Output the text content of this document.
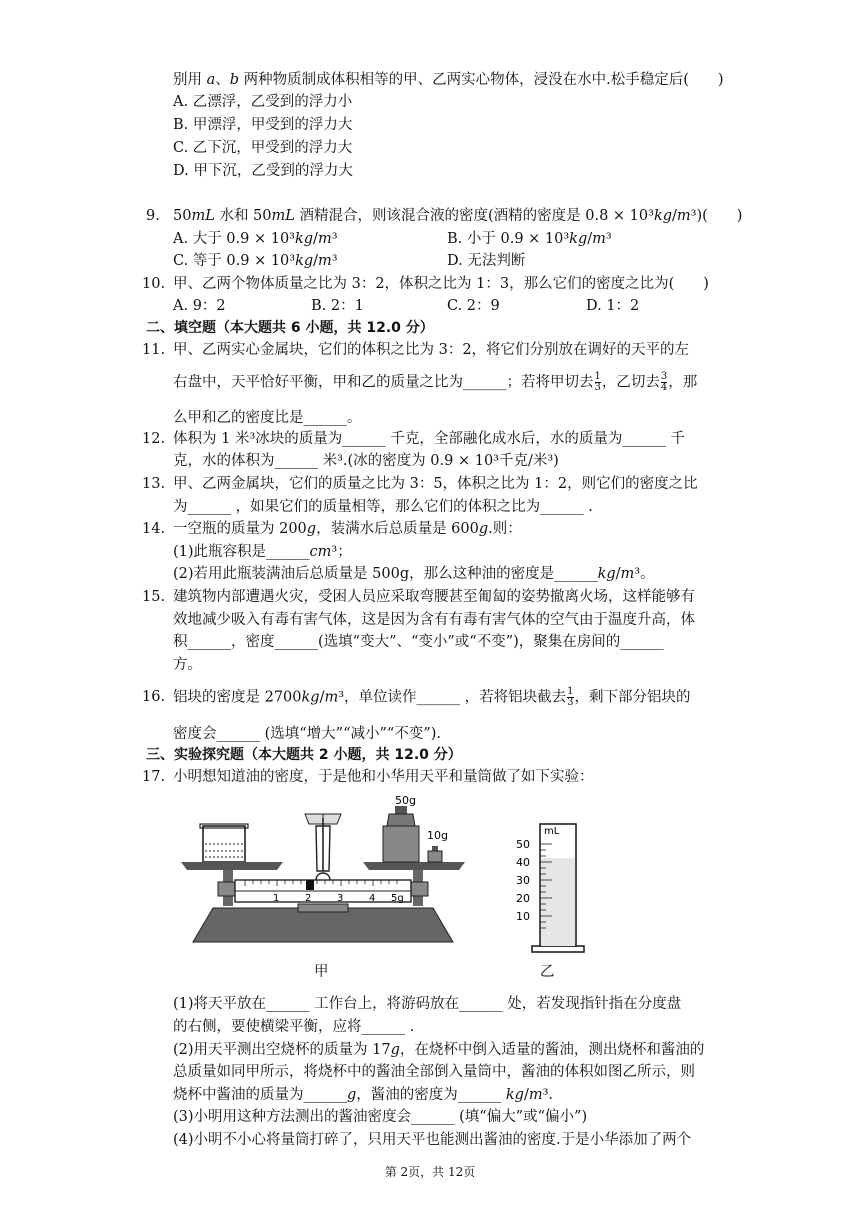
别用 𝑎、𝑏 两种物质制成体积相等的甲、乙两实心物体，浸没在水中.松手稳定后(　　)
A. 乙漂浮，乙受到的浮力小
B. 甲漂浮，甲受到的浮力大
C. 乙下沉，甲受到的浮力大
D. 甲下沉，乙受到的浮力大
9. 50𝑚𝐿 水和 50𝑚𝐿 酒精混合，则该混合液的密度(酒精的密度是 0.8 × 10³𝑘𝑔/𝑚³)(　　)
A. 大于 0.9 × 10³𝑘𝑔/𝑚³	B. 小于 0.9 × 10³𝑘𝑔/𝑚³
C. 等于 0.9 × 10³𝑘𝑔/𝑚³	D. 无法判断
10. 甲、乙两个物体质量之比为 3：2，体积之比为 1：3，那么它们的密度之比为(　　)
A. 9：2	B. 2：1	C. 2：9	D. 1：2
二、填空题（本大题共 6 小题，共 12.0 分）
11. 甲、乙两实心金属块，它们的体积之比为 3：2，将它们分别放在调好的天平的左
右盘中，天平恰好平衡，甲和乙的质量之比为______；若将甲切去 $\frac{1}{3}$ ，乙切去 $\frac{3}{4}$ ，那
么甲和乙的密度比是______。
12. 体积为 1 米³冰块的质量为______ 千克，全部融化成水后，水的质量为______ 千
克，水的体积为______ 米³.(冰的密度为 0.9 × 10³千克/米³)
13. 甲、乙两金属块，它们的质量之比为 3：5，体积之比为 1：2，则它们的密度之比
为______ ，如果它们的质量相等，那么它们的体积之比为______ .
14. 一空瓶的质量为 200𝑔，装满水后总质量是 600𝑔.则：
(1)此瓶容积是______𝑐𝑚³；
(2)若用此瓶装满油后总质量是 500g，那么这种油的密度是______𝑘𝑔/𝑚³。
15. 建筑物内部遭遇火灾，受困人员应采取弯腰甚至匍匐的姿势撤离火场，这样能够有
效地减少吸入有毒有害气体，这是因为含有有毒有害气体的空气由于温度升高，体
积______，密度______(选填“变大”、“变小”或“不变”)，聚集在房间的______
方。
16. 铝块的密度是 2700𝑘𝑔/𝑚³，单位读作______ ，若将铝块截去 $\frac{1}{3}$ ，剩下部分铝块的
密度会______ (选填“增大”“减小”“不变”).
三、实验探究题（本大题共 2 小题，共 12.0 分）
17. 小明想知道油的密度，于是他和小华用天平和量筒做了如下实验：
50g
10g
1	2	3	4 5g
甲
mL
50
40
30
20
10
乙
(1)将天平放在______ 工作台上，将游码放在______ 处，若发现指针指在分度盘
的右侧，要使横梁平衡，应将______ .
(2)用天平测出空烧杯的质量为 17𝑔，在烧杯中倒入适量的酱油，测出烧杯和酱油的
总质量如同甲所示，将烧杯中的酱油全部倒入量筒中，酱油的体积如图乙所示，则
烧杯中酱油的质量为______𝑔，酱油的密度为______ 𝑘𝑔/𝑚³.
(3)小明用这种方法测出的酱油密度会______ (填“偏大”或“偏小”)
(4)小明不小心将量筒打碎了，只用天平也能测出酱油的密度.于是小华添加了两个
第 2页，共 12页
